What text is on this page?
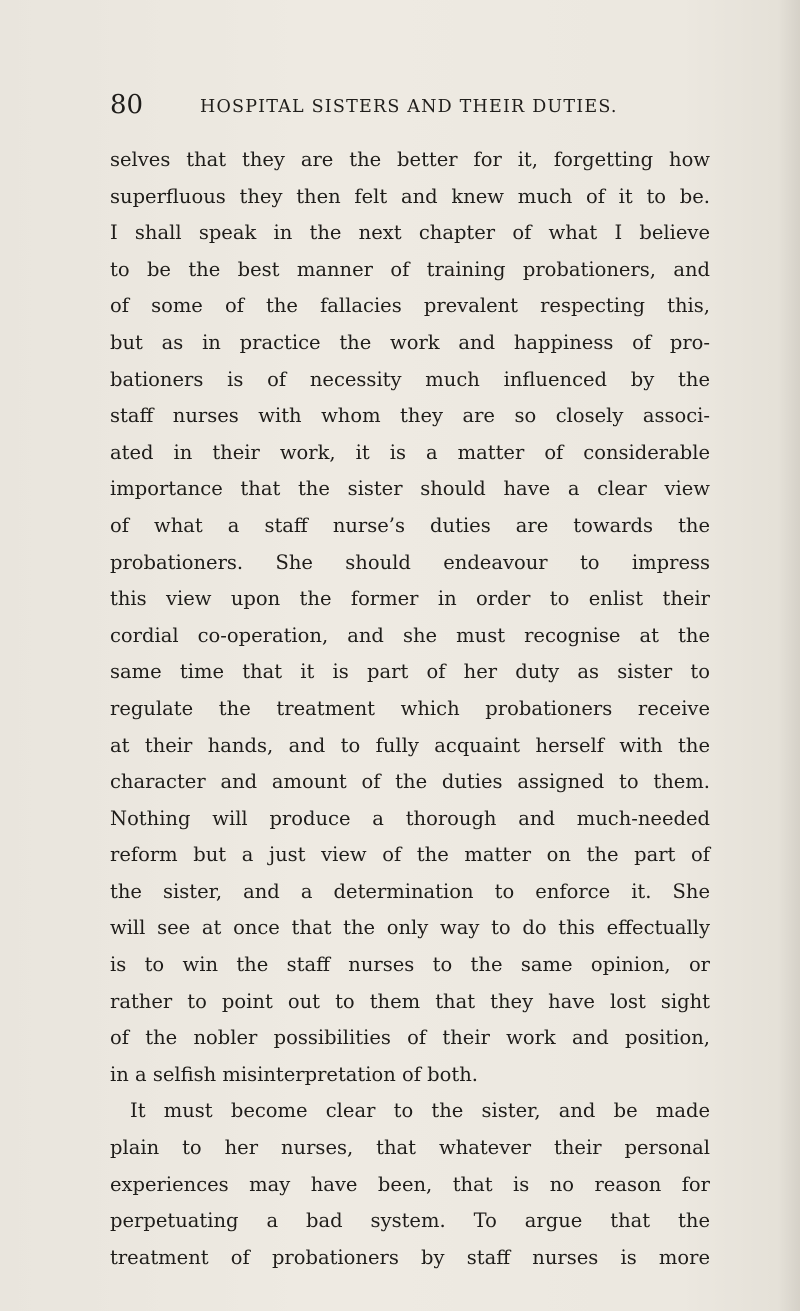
80	HOSPITAL SISTERS AND THEIR DUTIES.
selves that they are the better for it, forgetting how
superfluous they then felt and knew much of it to be.
I shall speak in the next chapter of what I believe
to be the best manner of training probationers, and
of some of the fallacies prevalent respecting this,
but as in practice the work and happiness of pro-
bationers is of necessity much influenced by the
staff nurses with whom they are so closely associ-
ated in their work, it is a matter of considerable
importance that the sister should have a clear view
of what a staff nurse’s duties are towards the
probationers. She should endeavour to impress
this view upon the former in order to enlist their
cordial co-operation, and she must recognise at the
same time that it is part of her duty as sister to
regulate the treatment which probationers receive
at their hands, and to fully acquaint herself with the
character and amount of the duties assigned to them.
Nothing will produce a thorough and much-needed
reform but a just view of the matter on the part of
the sister, and a determination to enforce it. She
will see at once that the only way to do this effectually
is to win the staff nurses to the same opinion, or
rather to point out to them that they have lost sight
of the nobler possibilities of their work and position,
in a selfish misinterpretation of both.
It must become clear to the sister, and be made
plain to her nurses, that whatever their personal
experiences may have been, that is no reason for
perpetuating a bad system. To argue that the
treatment of probationers by staff nurses is more
